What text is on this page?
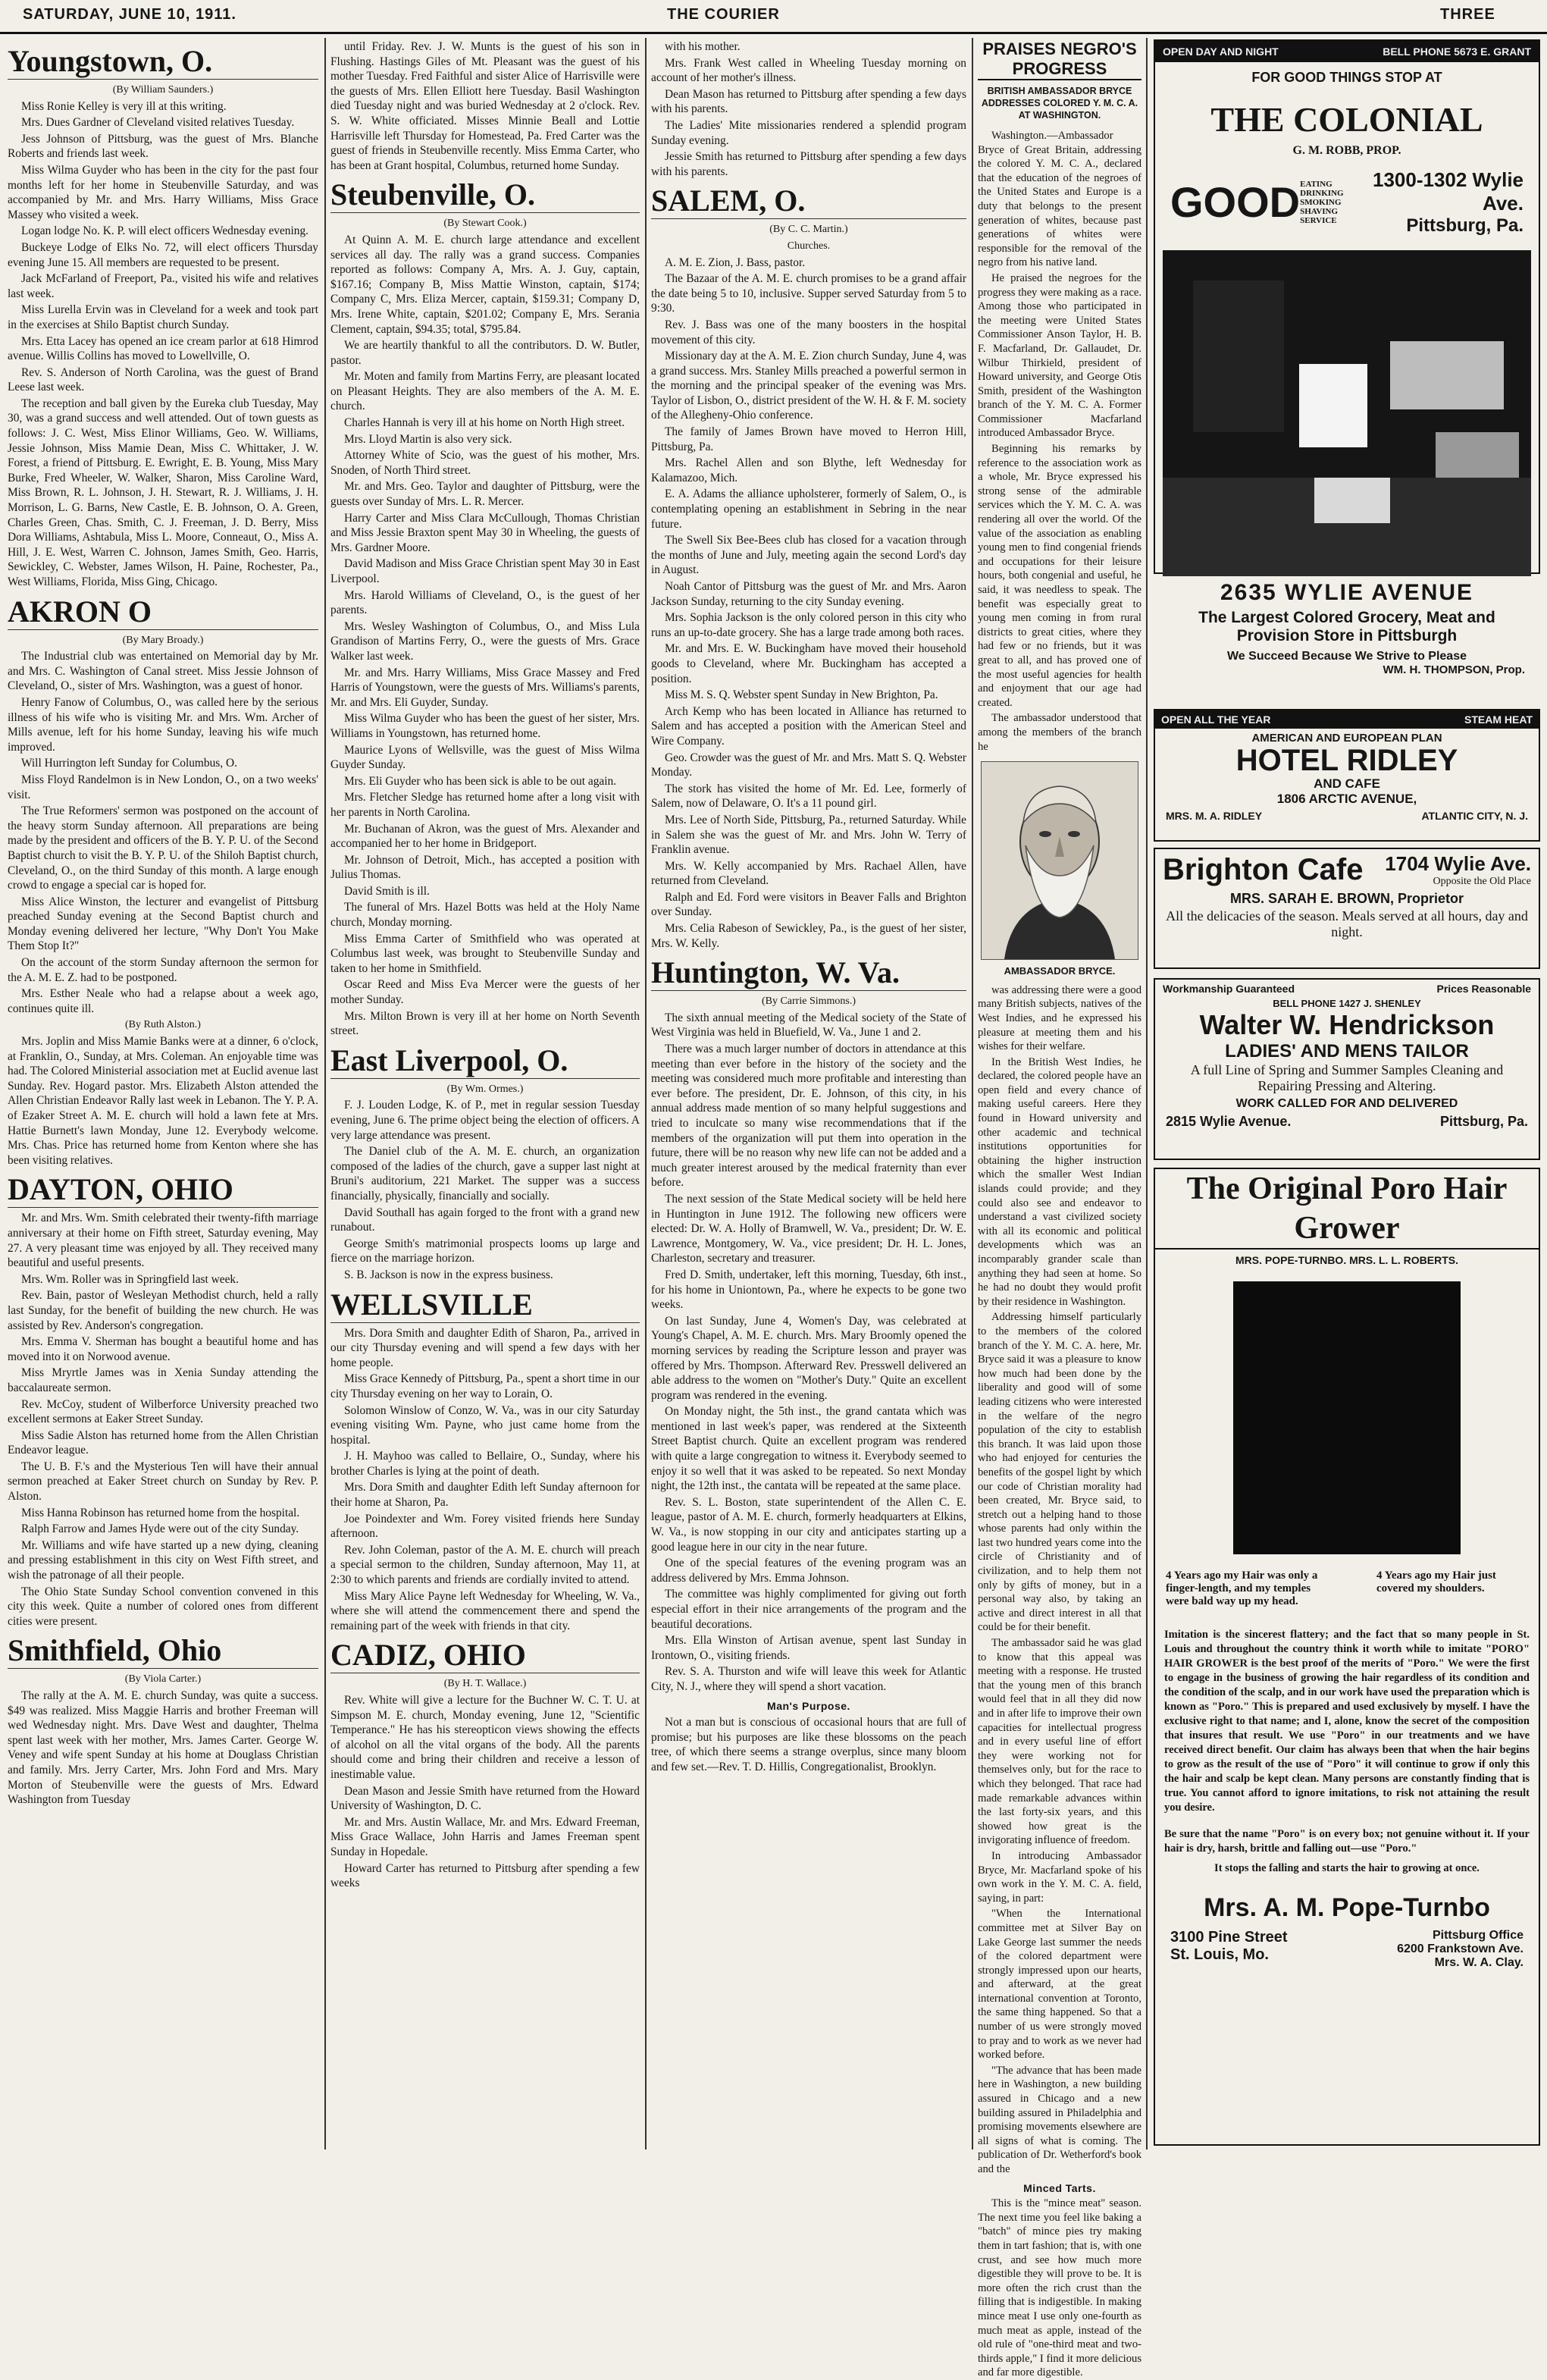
SATURDAY, JUNE 10, 1911.	THE COURIER	THREE
Youngstown, O.
(By William Saunders.)

Miss Ronie Kelley is very ill at this writing.

Mrs. Dues Gardner of Cleveland visited relatives Tuesday.

Jess Johnson of Pittsburg, was the guest of Mrs. Blanche Roberts and friends last week.

Miss Wilma Guyder who has been in the city for the past four months left for her home in Steubenville Saturday, and was accompanied by Mr. and Mrs. Harry Williams, Miss Grace Massey who visited a week.

Logan lodge No. K. P. will elect officers Wednesday evening.

Buckeye Lodge of Elks No. 72, will elect officers Thursday evening June 15. All members are requested to be present.

Jack McFarland of Freeport, Pa., visited his wife and relatives last week.

Miss Lurella Ervin was in Cleveland for a week and took part in the exercises at Shilo Baptist church Sunday.

Mrs. Etta Lacey has opened an ice cream parlor at 618 Himrod avenue. Willis Collins has moved to Lowellville, O.

Rev. S. Anderson of North Carolina, was the guest of Brand Leese last week.

The reception and ball given by the Eureka club Tuesday, May 30, was a grand success and well attended. Out of town guests as follows: J. C. West, Miss Elinor Williams, Geo. W. Williams, Jessie Johnson, Miss Mamie Dean, Miss C. Whittaker, J. W. Forest, a friend of Pittsburg. E. Ewright, E. B. Young, Miss Mary Burke, Fred Wheeler, W. Walker, Sharon, Miss Caroline Ward, Miss Brown, R. L. Johnson, J. H. Stewart, R. J. Williams, J. H. Morrison, L. G. Barns, New Castle, E. B. Johnson, O. A. Green, Charles Green, Chas. Smith, C. J. Freeman, J. D. Berry, Miss Dora Williams, Ashtabula, Miss L. Moore, Conneaut, O., Miss A. Hill, J. E. West, Warren C. Johnson, James Smith, Geo. Harris, Sewickley, C. Webster, James Wilson, H. Paine, Rochester, Pa., West Williams, Florida, Miss Ging, Chicago.

AKRON O
(By Mary Broady.)

The Industrial club was entertained on Memorial day by Mr. and Mrs. C. Washington of Canal street. Miss Jessie Johnson of Cleveland, O., sister of Mrs. Washington, was a guest of honor.

Henry Fanow of Columbus, O., was called here by the serious illness of his wife who is visiting Mr. and Mrs. Wm. Archer of Mills avenue, left for his home Sunday, leaving his wife much improved.

Will Hurrington left Sunday for Columbus, O.

Miss Floyd Randelmon is in New London, O., on a two weeks' visit.

The True Reformers' sermon was postponed on the account of the heavy storm Sunday afternoon. All preparations are being made by the president and officers of the B. Y. P. U. of the Second Baptist church to visit the B. Y. P. U. of the Shiloh Baptist church, Cleveland, O., on the third Sunday of this month. A large enough crowd to engage a special car is hoped for.

Miss Alice Winston, the lecturer and evangelist of Pittsburg preached Sunday evening at the Second Baptist church and Monday evening delivered her lecture, "Why Don't You Make Them Stop It?"

On the account of the storm Sunday afternoon the sermon for the A. M. E. Z. had to be postponed.

Mrs. Esther Neale who had a relapse about a week ago, continues quite ill.

(By Ruth Alston.)

Mrs. Joplin and Miss Mamie Banks were at a dinner, 6 o'clock, at Franklin, O., Sunday, at Mrs. Coleman. An enjoyable time was had. The Colored Ministerial association met at Euclid avenue last Sunday. Rev. Hogard pastor. Mrs. Elizabeth Alston attended the Allen Christian Endeavor Rally last week in Lebanon. The Y. P. A. of Ezaker Street A. M. E. church will hold a lawn fete at Mrs. Hattie Burnett's lawn Monday, June 12. Everybody welcome. Mrs. Chas. Price has returned home from Kenton where she has been visiting relatives.

DAYTON, OHIO

Mr. and Mrs. Wm. Smith celebrated their twenty-fifth marriage anniversary at their home on Fifth street, Saturday evening, May 27. A very pleasant time was enjoyed by all. They received many beautiful and useful presents.

Mrs. Wm. Roller was in Springfield last week.

Rev. Bain, pastor of Wesleyan Methodist church, held a rally last Sunday, for the benefit of building the new church. He was assisted by Rev. Anderson's congregation.

Mrs. Emma V. Sherman has bought a beautiful home and has moved into it on Norwood avenue.

Miss Mryrtle James was in Xenia Sunday attending the baccalaureate sermon.

Rev. McCoy, student of Wilberforce University preached two excellent sermons at Eaker Street Sunday.

Miss Sadie Alston has returned home from the Allen Christian Endeavor league.

The U. B. F.'s and the Mysterious Ten will have their annual sermon preached at Eaker Street church on Sunday by Rev. P. Alston.

Miss Hanna Robinson has returned home from the hospital.

Ralph Farrow and James Hyde were out of the city Sunday.

Mr. Williams and wife have started up a new dying, cleaning and pressing establishment in this city on West Fifth street, and wish the patronage of all their people.

The Ohio State Sunday School convention convened in this city this week. Quite a number of colored ones from different cities were present.

Smithfield, Ohio
(By Viola Carter.)

The rally at the A. M. E. church Sunday, was quite a success. $49 was realized. Miss Maggie Harris and brother Freeman will wed Wednesday night. Mrs. Dave West and daughter, Thelma spent last week with her mother, Mrs. James Carter. George W. Veney and wife spent Sunday at his home at Douglass Christian and family. Mrs. Jerry Carter, Mrs. John Ford and Mrs. Mary Morton of Steubenville were the guests of Mrs. Edward Washington from Tuesday

until Friday. Rev. J. W. Munts is the guest of his son in Flushing. Hastings Giles of Mt. Pleasant was the guest of his mother Tuesday. Fred Faithful and sister Alice of Harrisville were the guests of Mrs. Ellen Elliott here Tuesday. Basil Washington died Tuesday night and was buried Wednesday at 2 o'clock. Rev. S. W. White officiated. Misses Minnie Beall and Lottie Harrisville left Thursday for Homestead, Pa. Fred Carter was the guest of friends in Steubenville recently. Miss Emma Carter, who has been at Grant hospital, Columbus, returned home Sunday.

Steubenville, O.
(By Stewart Cook.)

At Quinn A. M. E. church large attendance and excellent services all day. The rally was a grand success. Companies reported as follows: Company A, Mrs. A. J. Guy, captain, $167.16; Company B, Miss Mattie Winston, captain, $174; Company C, Mrs. Eliza Mercer, captain, $159.31; Company D, Mrs. Irene White, captain, $201.02; Company E, Mrs. Serania Clement, captain, $94.35; total, $795.84.

We are heartily thankful to all the contributors. D. W. Butler, pastor.

Mr. Moten and family from Martins Ferry, are pleasant located on Pleasant Heights. They are also members of the A. M. E. church.

Charles Hannah is very ill at his home on North High street.

Mrs. Lloyd Martin is also very sick.

Attorney White of Scio, was the guest of his mother, Mrs. Snoden, of North Third street.

Mr. and Mrs. Geo. Taylor and daughter of Pittsburg, were the guests over Sunday of Mrs. L. R. Mercer.

Harry Carter and Miss Clara McCullough, Thomas Christian and Miss Jessie Braxton spent May 30 in Wheeling, the guests of Mrs. Gardner Moore.

David Madison and Miss Grace Christian spent May 30 in East Liverpool.

Mrs. Harold Williams of Cleveland, O., is the guest of her parents.

Mrs. Wesley Washington of Columbus, O., and Miss Lula Grandison of Martins Ferry, O., were the guests of Mrs. Grace Walker last week.

Mr. and Mrs. Harry Williams, Miss Grace Massey and Fred Harris of Youngstown, were the guests of Mrs. Williams's parents, Mr. and Mrs. Eli Guyder, Sunday.

Miss Wilma Guyder who has been the guest of her sister, Mrs. Williams in Youngstown, has returned home.

Maurice Lyons of Wellsville, was the guest of Miss Wilma Guyder Sunday.

Mrs. Eli Guyder who has been sick is able to be out again.

Mrs. Fletcher Sledge has returned home after a long visit with her parents in North Carolina.

Mr. Buchanan of Akron, was the guest of Mrs. Alexander and accompanied her to her home in Bridgeport.

Mr. Johnson of Detroit, Mich., has accepted a position with Julius Thomas.

David Smith is ill.

The funeral of Mrs. Hazel Botts was held at the Holy Name church, Monday morning.

Miss Emma Carter of Smithfield who was operated at Columbus last week, was brought to Steubenville Sunday and taken to her home in Smithfield.

Oscar Reed and Miss Eva Mercer were the guests of her mother Sunday.

Mrs. Milton Brown is very ill at her home on North Seventh street.

East Liverpool, O.
(By Wm. Ormes.)

F. J. Louden Lodge, K. of P., met in regular session Tuesday evening, June 6. The prime object being the election of officers. A very large attendance was present.

The Daniel club of the A. M. E. church, an organization composed of the ladies of the church, gave a supper last night at Bruni's auditorium, 221 Market. The supper was a success financially, physically, financially and socially.

David Southall has again forged to the front with a grand new runabout.

George Smith's matrimonial prospects looms up large and fierce on the marriage horizon.

S. B. Jackson is now in the express business.

WELLSVILLE

Mrs. Dora Smith and daughter Edith of Sharon, Pa., arrived in our city Thursday evening and will spend a few days with her home people.

Miss Grace Kennedy of Pittsburg, Pa., spent a short time in our city Thursday evening on her way to Lorain, O.

Solomon Winslow of Conzo, W. Va., was in our city Saturday evening visiting Wm. Payne, who just came home from the hospital.

J. H. Mayhoo was called to Bellaire, O., Sunday, where his brother Charles is lying at the point of death.

Mrs. Dora Smith and daughter Edith left Sunday afternoon for their home at Sharon, Pa.

Joe Poindexter and Wm. Forey visited friends here Sunday afternoon.

Rev. John Coleman, pastor of the A. M. E. church will preach a special sermon to the children, Sunday afternoon, May 11, at 2:30 to which parents and friends are cordially invited to attend.

Miss Mary Alice Payne left Wednesday for Wheeling, W. Va., where she will attend the commencement there and spend the remaining part of the week with friends in that city.

CADIZ, OHIO
(By H. T. Wallace.)

Rev. White will give a lecture for the Buchner W. C. T. U. at Simpson M. E. church, Monday evening, June 12, "Scientific Temperance." He has his stereopticon views showing the effects of alcohol on all the vital organs of the body. All the parents should come and bring their children and receive a lesson of inestimable value.

Dean Mason and Jessie Smith have returned from the Howard University of Washington, D. C.

Mr. and Mrs. Austin Wallace, Mr. and Mrs. Edward Freeman, Miss Grace Wallace, John Harris and James Freeman spent Sunday in Hopedale.

Howard Carter has returned to Pittsburg after spending a few weeks

with his mother.

Mrs. Frank West called in Wheeling Tuesday morning on account of her mother's illness.

Dean Mason has returned to Pittsburg after spending a few days with his parents.

The Ladies' Mite missionaries rendered a splendid program Sunday evening.

Jessie Smith has returned to Pittsburg after spending a few days with his parents.

SALEM, O.
(By C. C. Martin.)
Churches.

A. M. E. Zion, J. Bass, pastor.

The Bazaar of the A. M. E. church promises to be a grand affair the date being 5 to 10, inclusive. Supper served Saturday from 5 to 9:30.

Rev. J. Bass was one of the many boosters in the hospital movement of this city.

Missionary day at the A. M. E. Zion church Sunday, June 4, was a grand success. Mrs. Stanley Mills preached a powerful sermon in the morning and the principal speaker of the evening was Mrs. Taylor of Lisbon, O., district president of the W. H. & F. M. society of the Allegheny-Ohio conference.

The family of James Brown have moved to Herron Hill, Pittsburg, Pa.

Mrs. Rachel Allen and son Blythe, left Wednesday for Kalamazoo, Mich.

E. A. Adams the alliance upholsterer, formerly of Salem, O., is contemplating opening an establishment in Sebring in the near future.

The Swell Six Bee-Bees club has closed for a vacation through the months of June and July, meeting again the second Lord's day in August.

Noah Cantor of Pittsburg was the guest of Mr. and Mrs. Aaron Jackson Sunday, returning to the city Sunday evening.

Mrs. Sophia Jackson is the only colored person in this city who runs an up-to-date grocery. She has a large trade among both races.

Mr. and Mrs. E. W. Buckingham have moved their household goods to Cleveland, where Mr. Buckingham has accepted a position.

Miss M. S. Q. Webster spent Sunday in New Brighton, Pa.

Arch Kemp who has been located in Alliance has returned to Salem and has accepted a position with the American Steel and Wire Company.

Geo. Crowder was the guest of Mr. and Mrs. Matt S. Q. Webster Monday.

The stork has visited the home of Mr. Ed. Lee, formerly of Salem, now of Delaware, O. It's a 11 pound girl.

Mrs. Lee of North Side, Pittsburg, Pa., returned Saturday. While in Salem she was the guest of Mr. and Mrs. John W. Terry of Franklin avenue.

Mrs. W. Kelly accompanied by Mrs. Rachael Allen, have returned from Cleveland.

Ralph and Ed. Ford were visitors in Beaver Falls and Brighton over Sunday.

Mrs. Celia Rabeson of Sewickley, Pa., is the guest of her sister, Mrs. W. Kelly.

Huntington, W. Va.
(By Carrie Simmons.)

The sixth annual meeting of the Medical society of the State of West Virginia was held in Bluefield, W. Va., June 1 and 2.

There was a much larger number of doctors in attendance at this meeting than ever before in the history of the society and the meeting was considered much more profitable and interesting than ever before. The president, Dr. E. Johnson, of this city, in his annual address made mention of so many helpful suggestions and tried to inculcate so many wise recommendations that if the members of the organization will put them into operation in the future, there will be no reason why new life can not be added and a much greater interest aroused by the medical fraternity than ever before.

The next session of the State Medical society will be held here in Huntington in June 1912. The following new officers were elected: Dr. W. A. Holly of Bramwell, W. Va., president; Dr. W. E. Lawrence, Montgomery, W. Va., vice president; Dr. H. L. Jones, Charleston, secretary and treasurer.

Fred D. Smith, undertaker, left this morning, Tuesday, 6th inst., for his home in Uniontown, Pa., where he expects to be gone two weeks.

On last Sunday, June 4, Women's Day, was celebrated at Young's Chapel, A. M. E. church. Mrs. Mary Broomly opened the morning services by reading the Scripture lesson and prayer was offered by Mrs. Thompson. Afterward Rev. Presswell delivered an able address to the women on "Mother's Duty." Quite an excellent program was rendered in the evening.

On Monday night, the 5th inst., the grand cantata which was mentioned in last week's paper, was rendered at the Sixteenth Street Baptist church. Quite an excellent program was rendered with quite a large congregation to witness it. Everybody seemed to enjoy it so well that it was asked to be repeated. So next Monday night, the 12th inst., the cantata will be repeated at the same place.

Rev. S. L. Boston, state superintendent of the Allen C. E. league, pastor of A. M. E. church, formerly headquarters at Elkins, W. Va., is now stopping in our city and anticipates starting up a good league here in our city in the near future.

One of the special features of the evening program was an address delivered by Mrs. Emma Johnson.

The committee was highly complimented for giving out forth especial effort in their nice arrangements of the program and the beautiful decorations.

Mrs. Ella Winston of Artisan avenue, spent last Sunday in Irontown, O., visiting friends.

Rev. S. A. Thurston and wife will leave this week for Atlantic City, N. J., where they will spend a short vacation.

Man's Purpose.

Not a man but is conscious of occasional hours that are full of promise; but his purposes are like these blossoms on the peach tree, of which there seems a strange overplus, since many bloom and few set.—Rev. T. D. Hillis, Congregationalist, Brooklyn.

PRAISES NEGRO'S PROGRESS
BRITISH AMBASSADOR BRYCE ADDRESSES COLORED Y. M. C. A. AT WASHINGTON.

Washington.—Ambassador Bryce of Great Britain, addressing the colored Y. M. C. A., declared that the education of the negroes of the United States and Europe is a duty that belongs to the present generation of whites, because past generations of whites were responsible for the removal of the negro from his native land.

He praised the negroes for the progress they were making as a race. Among those who participated in the meeting were United States Commissioner Anson Taylor, H. B. F. Macfarland, Dr. Gallaudet, Dr. Wilbur Thirkield, president of Howard university, and George Otis Smith, president of the Washington branch of the Y. M. C. A. Former Commissioner Macfarland introduced Ambassador Bryce.

Beginning his remarks by reference to the association work as a whole, Mr. Bryce expressed his strong sense of the admirable services which the Y. M. C. A. was rendering all over the world. Of the value of the association as enabling young men to find congenial friends and occupations for their leisure hours, both congenial and useful, he said, it was needless to speak. The benefit was especially great to young men coming in from rural districts to great cities, where they had few or no friends, but it was great to all, and has proved one of the most useful agencies for health and enjoyment that our age had created.

The ambassador understood that among the members of the branch he

AMBASSADOR BRYCE.

was addressing there were a good many British subjects, natives of the West Indies, and he expressed his pleasure at meeting them and his wishes for their welfare.

In the British West Indies, he declared, the colored people have an open field and every chance of making useful careers. Here they found in Howard university and other academic and technical institutions opportunities for obtaining the higher instruction which the smaller West Indian islands could provide; and they could also see and endeavor to understand a vast civilized society with all its economic and political developments which was an incomparably grander scale than anything they had seen at home. So he had no doubt they would profit by their residence in Washington.

Addressing himself particularly to the members of the colored branch of the Y. M. C. A. here, Mr. Bryce said it was a pleasure to know how much had been done by the liberality and good will of some leading citizens who were interested in the welfare of the negro population of the city to establish this branch. It was laid upon those who had enjoyed for centuries the benefits of the gospel light by which our code of Christian morality had been created, Mr. Bryce said, to stretch out a helping hand to those whose parents had only within the last two hundred years come into the circle of Christianity and of civilization, and to help them not only by gifts of money, but in a personal way also, by taking an active and direct interest in all that could be for their benefit.

The ambassador said he was glad to know that this appeal was meeting with a response. He trusted that the young men of this branch would feel that in all they did now and in after life to improve their own capacities for intellectual progress and in every useful line of effort they were working not for themselves only, but for the race to which they belonged. That race had made remarkable advances within the last forty-six years, and this showed how great is the invigorating influence of freedom.

In introducing Ambassador Bryce, Mr. Macfarland spoke of his own work in the Y. M. C. A. field, saying, in part:

"When the International committee met at Silver Bay on Lake George last summer the needs of the colored department were strongly impressed upon our hearts, and afterward, at the great international convention at Toronto, the same thing happened. So that a number of us were strongly moved to pray and to work as we never had worked before.

"The advance that has been made here in Washington, a new building assured in Chicago and a new building assured in Philadelphia and promising movements elsewhere are all signs of what is coming. The publication of Dr. Wetherford's book and the

Minced Tarts.

This is the "mince meat" season. The next time you feel like baking a "batch" of mince pies try making them in tart fashion; that is, with one crust, and see how much more digestible they will prove to be. It is more often the rich crust than the filling that is indigestible. In making mince meat I use only one-fourth as much meat as apple, instead of the old rule of "one-third meat and two-thirds apple," I find it more delicious and far more digestible.

OPEN DAY AND NIGHT	BELL PHONE 5673 E. GRANT
FOR GOOD THINGS STOP AT
THE COLONIAL
G. M. ROBB, PROP.
GOOD EATING DRINKING SMOKING SHAVING SERVICE
1300-1302 Wylie Ave.
Pittsburg, Pa.
2635 WYLIE AVENUE
The Largest Colored Grocery, Meat and
Provision Store in Pittsburgh
We Succeed Because We Strive to Please
WM. H. THOMPSON, Prop.
OPEN ALL THE YEAR	STEAM HEAT
AMERICAN AND EUROPEAN PLAN
HOTEL RIDLEY
AND CAFE
1806 ARCTIC AVENUE,
MRS. M. A. RIDLEY	ATLANTIC CITY, N. J.
Brighton Cafe 1704 Wylie Ave.
Opposite the Old Place
MRS. SARAH E. BROWN, Proprietor
All the delicacies of the season. Meals served at all hours, day and night.
Workmanship Guaranteed	Prices Reasonable
BELL PHONE 1427 J. SHENLEY
Walter W. Hendrickson
LADIES' AND MENS TAILOR
A full Line of Spring and Summer Samples Cleaning and
Repairing Pressing and Altering.
WORK CALLED FOR AND DELIVERED
2815 Wylie Avenue.	Pittsburg, Pa.
The Original Poro Hair Grower
MRS. POPE-TURNBO. MRS. L. L. ROBERTS.
4 Years ago my Hair was only a finger-length, and my temples were bald way up my head.
4 Years ago my Hair just covered my shoulders.
Imitation is the sincerest flattery; and the fact that so many people in St. Louis and throughout the country think it worth while to imitate "PORO" HAIR GROWER is the best proof of the merits of "Poro." We were the first to engage in the business of growing the hair regardless of its condition and the condition of the scalp, and in our work have used the preparation which is known as "Poro." This is prepared and used exclusively by myself. I have the exclusive right to that name; and I, alone, know the secret of the composition that insures that result. We use "Poro" in our treatments and we have received direct benefit. Our claim has always been that when the hair begins to grow as the result of the use of "Poro" it will continue to grow if only this the hair and scalp be kept clean. Many persons are constantly finding that is true. You cannot afford to ignore imitations, to risk not attaining the result you desire.
Be sure that the name "Poro" is on every box; not genuine without it. If your hair is dry, harsh, brittle and falling out—use "Poro."
It stops the falling and starts the hair to growing at once.
Mrs. A. M. Pope-Turnbo
3100 Pine Street
St. Louis, Mo.
Pittsburg Office
6200 Frankstown Ave.
Mrs. W. A. Clay.
